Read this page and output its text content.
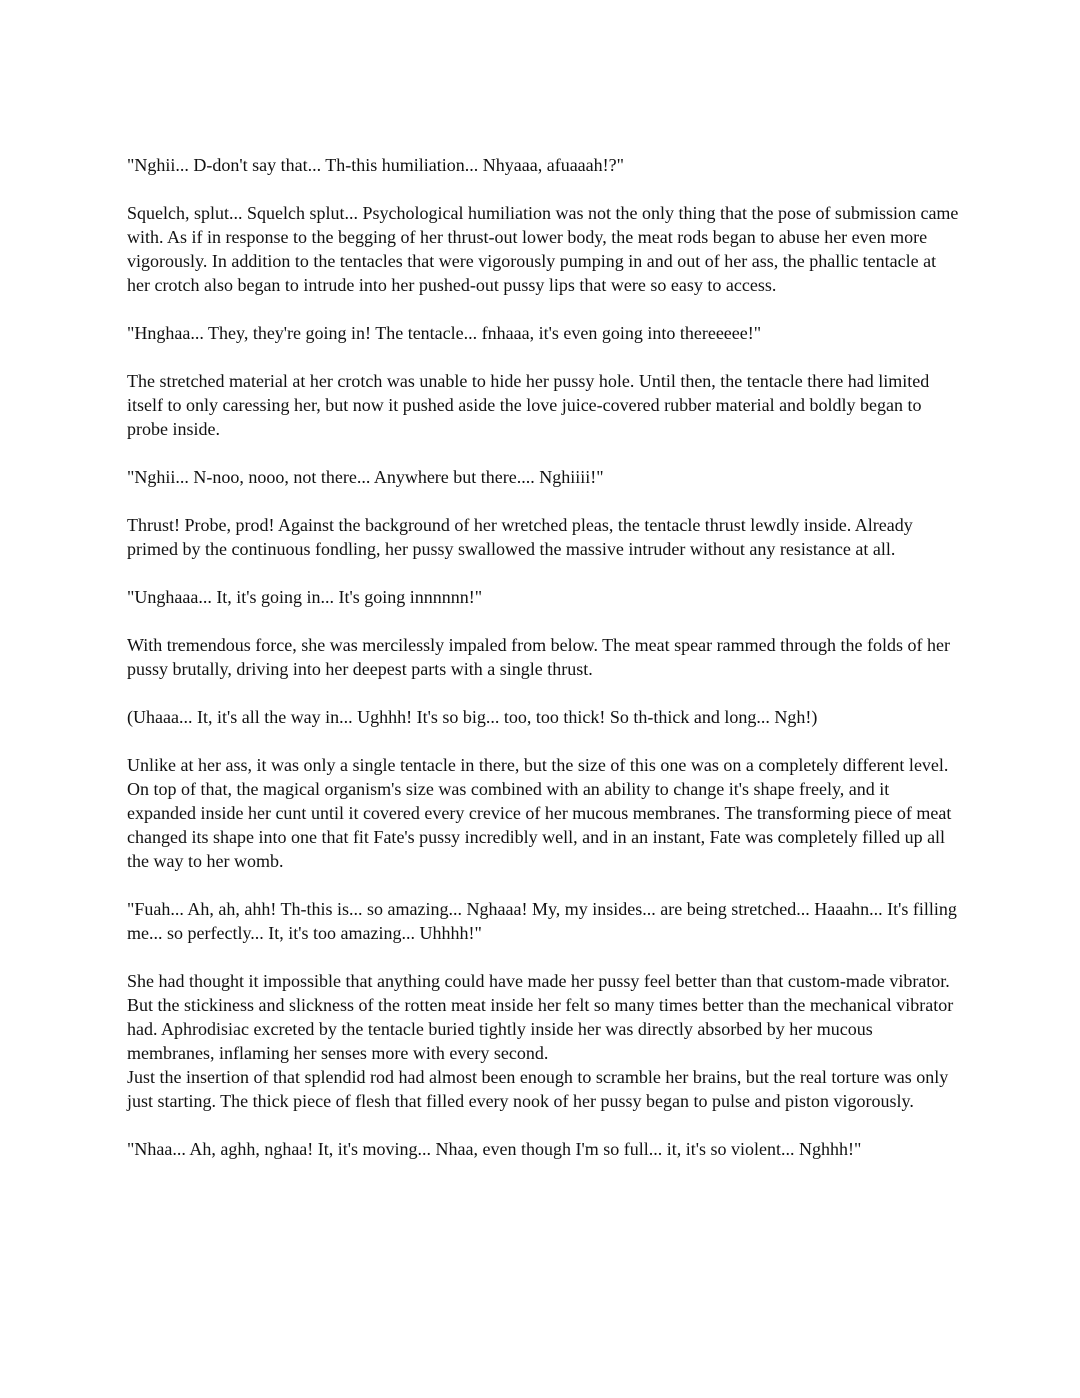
"Nghii... D-don't say that... Th-this humiliation... Nhyaaa, afuaaah!?"

Squelch, splut... Squelch splut... Psychological humiliation was not the only thing that the pose of submission came with. As if in response to the begging of her thrust-out lower body, the meat rods began to abuse her even more vigorously. In addition to the tentacles that were vigorously pumping in and out of her ass, the phallic tentacle at her crotch also began to intrude into her pushed-out pussy lips that were so easy to access.

"Hnghaa... They, they're going in! The tentacle... fnhaaa, it's even going into thereeeee!"

The stretched material at her crotch was unable to hide her pussy hole. Until then, the tentacle there had limited itself to only caressing her, but now it pushed aside the love juice-covered rubber material and boldly began to probe inside.

"Nghii... N-noo, nooo, not there... Anywhere but there.... Nghiiii!"

Thrust! Probe, prod! Against the background of her wretched pleas, the tentacle thrust lewdly inside. Already primed by the continuous fondling, her pussy swallowed the massive intruder without any resistance at all.

"Unghaaa... It, it's going in... It's going innnnnn!"

With tremendous force, she was mercilessly impaled from below. The meat spear rammed through the folds of her pussy brutally, driving into her deepest parts with a single thrust.

(Uhaaa... It, it's all the way in... Ughhh! It's so big... too, too thick! So th-thick and long... Ngh!)

Unlike at her ass, it was only a single tentacle in there, but the size of this one was on a completely different level. On top of that, the magical organism's size was combined with an ability to change it's shape freely, and it expanded inside her cunt until it covered every crevice of her mucous membranes. The transforming piece of meat changed its shape into one that fit Fate's pussy incredibly well, and in an instant, Fate was completely filled up all the way to her womb.

"Fuah... Ah, ah, ahh! Th-this is... so amazing... Nghaaa! My, my insides... are being stretched... Haaahn... It's filling me... so perfectly... It, it's too amazing... Uhhhh!"

She had thought it impossible that anything could have made her pussy feel better than that custom-made vibrator. But the stickiness and slickness of the rotten meat inside her felt so many times better than the mechanical vibrator had. Aphrodisiac excreted by the tentacle buried tightly inside her was directly absorbed by her mucous membranes, inflaming her senses more with every second.
Just the insertion of that splendid rod had almost been enough to scramble her brains, but the real torture was only just starting. The thick piece of flesh that filled every nook of her pussy began to pulse and piston vigorously.

"Nhaa... Ah, aghh, nghaa! It, it's moving... Nhaa, even though I'm so full... it, it's so violent... Nghhh!"
